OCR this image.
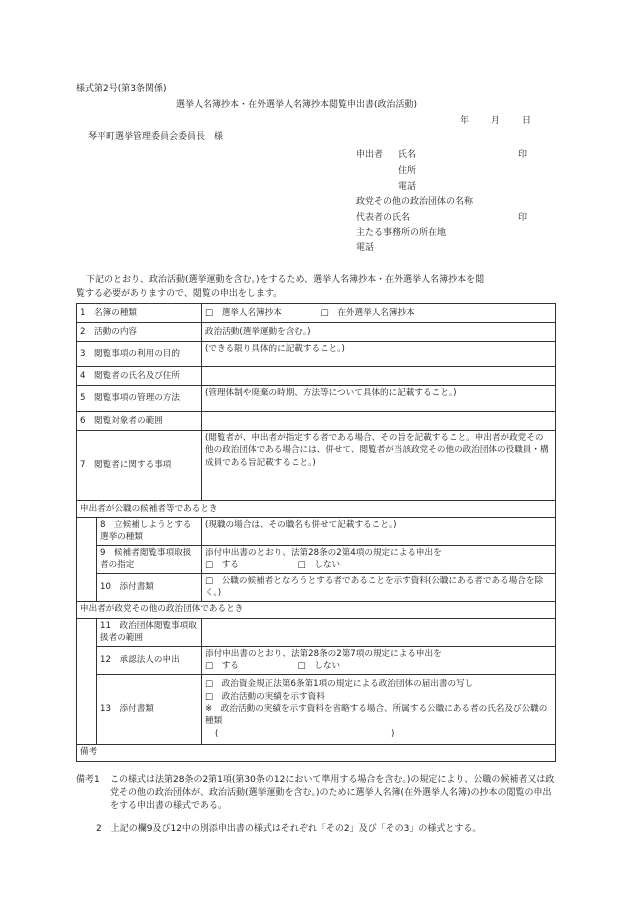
様式第2号(第3条関係)
選挙人名簿抄本・在外選挙人名簿抄本閲覧申出書(政治活動)
年 月 日
琴平町選挙管理委員会委員長　様
申出者 氏名	印
住所
電話
政党その他の政治団体の名称
代表者の氏名	印
主たる事務所の所在地
電話
下記のとおり、政治活動(選挙運動を含む。)をするため、選挙人名簿抄本・在外選挙人名簿抄本を閲
覧する必要がありますので、閲覧の申出をします。
1　名簿の種類		□　選挙人名簿抄本 □　在外選挙人名簿抄本
2　活動の内容		政治活動(選挙運動を含む。)
3　閲覧事項の利用の目的		(できる限り具体的に記載すること。)
4　閲覧者の氏名及び住所		
5　閲覧事項の管理の方法		(管理体制や廃棄の時期、方法等について具体的に記載すること。)
6　閲覧対象者の範囲		
7　閲覧者に関する事項		(閲覧者が、申出者が指定する者である場合、その旨を記載すること。申出者が政党その他の政治団体である場合には、併せて、閲覧者が当該政党その他の政治団体の役職員・構成員である旨記載すること。)
申出者が公職の候補者等であるとき		
	8　立候補しようとする選挙の種類	(現職の場合は、その職名も併せて記載すること。)
	9　候補者閲覧事項取扱者の指定	添付申出書のとおり、法第28条の2第4項の規定による申出を
□　する □　しない
	10　添付書類	□　公職の候補者となろうとする者であることを示す資料(公職にある者である場合を除く。)
申出者が政党その他の政治団体であるとき		
	11　政治団体閲覧事項取扱者の範囲	
	12　承認法人の申出	添付申出書のとおり、法第28条の2第7項の規定による申出を
□　する □　しない
	13　添付書類	□　政治資金規正法第6条第1項の規定による政治団体の届出書の写し
□　政治活動の実績を示す資料
※　政治活動の実績を示す資料を省略する場合、所属する公職にある者の氏名及び公職の種類
( )

備考		
備考1 この様式は法第28条の2第1項(第30条の12において準用する場合を含む。)の規定により、公職の候補者又は政党その他の政治団体が、政治活動(選挙運動を含む。)のために選挙人名簿(在外選挙人名簿)の抄本の閲覧の申出をする申出書の様式である。
2　上記の欄9及び12中の別添申出書の様式はそれぞれ「その2」及び「その3」の様式とする。
